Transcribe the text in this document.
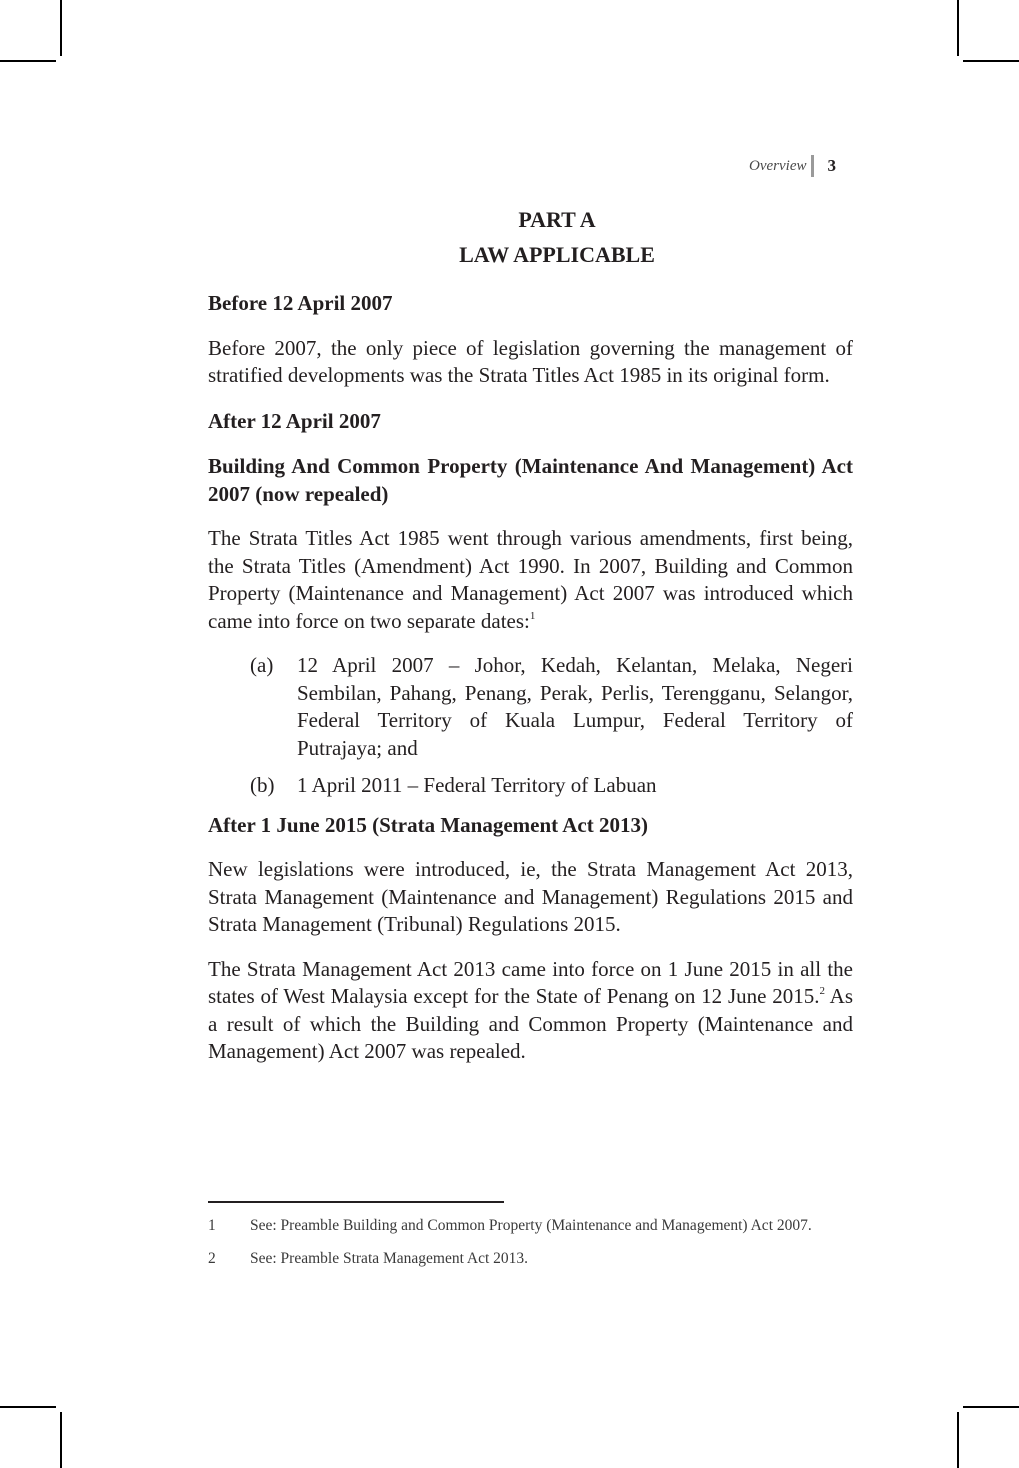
Overview	3
PART A
LAW APPLICABLE
Before 12 April 2007

Before 2007, the only piece of legislation governing the management of stratified developments was the Strata Titles Act 1985 in its original form.

After 12 April 2007
Building And Common Property (Maintenance And Management) Act 2007 (now repealed)

The Strata Titles Act 1985 went through various amendments, first being, the Strata Titles (Amendment) Act 1990. In 2007, Building and Common Property (Maintenance and Management) Act 2007 was introduced which came into force on two separate dates:$^1$

(a)	12 April 2007 – Johor, Kedah, Kelantan, Melaka, Negeri Sembilan, Pahang, Penang, Perak, Perlis, Terengganu, Selangor, Federal Territory of Kuala Lumpur, Federal Territory of Putrajaya; and
(b)	1 April 2011 – Federal Territory of Labuan
After 1 June 2015 (Strata Management Act 2013)

New legislations were introduced, ie, the Strata Management Act 2013, Strata Management (Maintenance and Management) Regulations 2015 and Strata Management (Tribunal) Regulations 2015.

The Strata Management Act 2013 came into force on 1 June 2015 in all the states of West Malaysia except for the State of Penang on 12 June 2015.$^2$ As a result of which the Building and Common Property (Maintenance and Management) Act 2007 was repealed.

1	See: Preamble Building and Common Property (Maintenance and Management) Act 2007.
2	See: Preamble Strata Management Act 2013.
